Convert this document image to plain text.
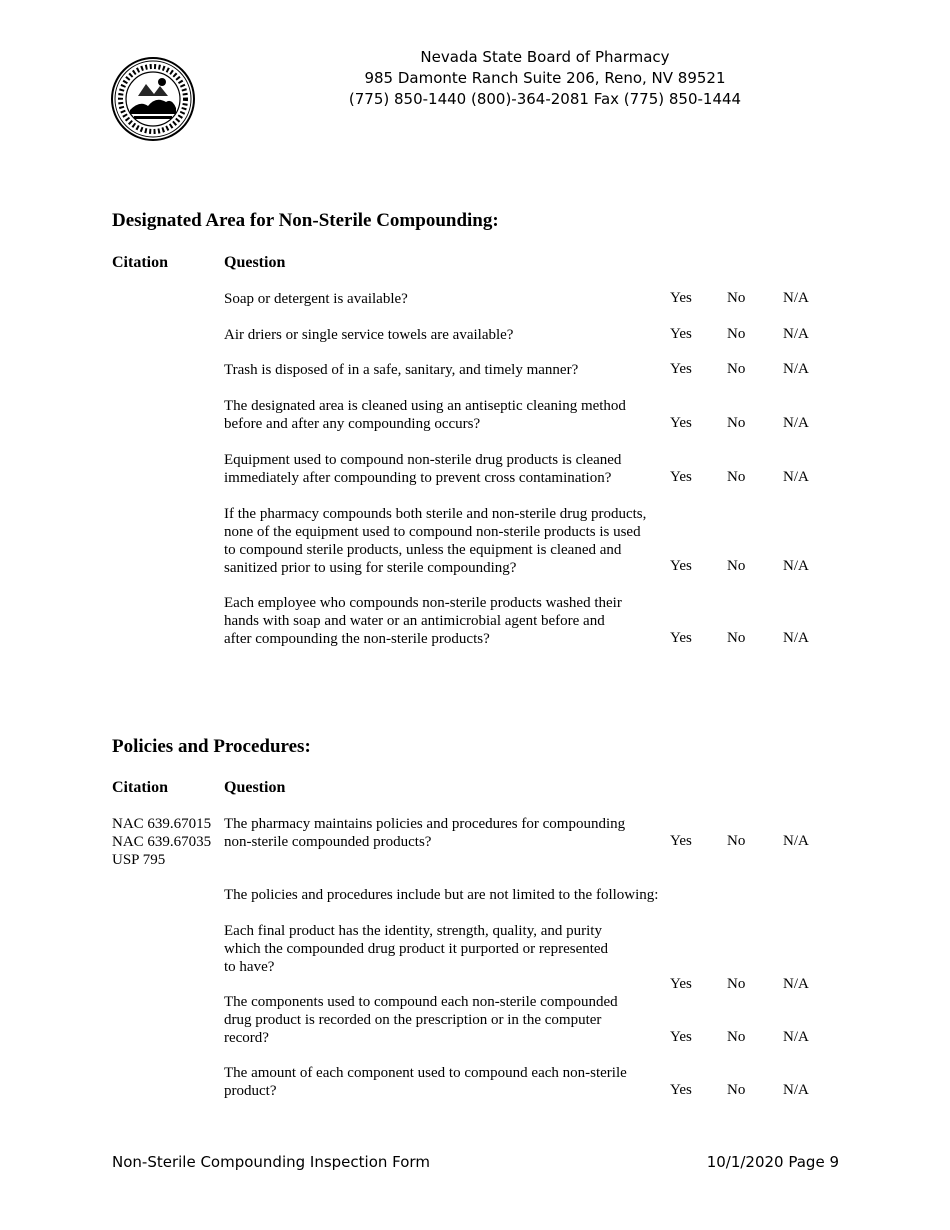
Nevada State Board of Pharmacy
985 Damonte Ranch Suite 206, Reno, NV 89521
(775) 850-1440 (800)-364-2081 Fax (775) 850-1444
Designated Area for Non-Sterile Compounding:
Citation	Question
Soap or detergent is available?	Yes No	N/A
Air driers or single service towels are available?	Yes No	N/A
Trash is disposed of in a safe, sanitary, and timely manner?	Yes No	N/A
The designated area is cleaned using an antiseptic cleaning method
before and after any compounding occurs?	Yes No	N/A
Equipment used to compound non-sterile drug products is cleaned
immediately after compounding to prevent cross contamination?	Yes No	N/A
If the pharmacy compounds both sterile and non-sterile drug products,
none of the equipment used to compound non-sterile products is used
to compound sterile products, unless the equipment is cleaned and
sanitized prior to using for sterile compounding?	Yes No	N/A
Each employee who compounds non-sterile products washed their
hands with soap and water or an antimicrobial agent before and
after compounding the non-sterile products?	Yes No	N/A
Policies and Procedures:
Citation	Question
NAC 639.67015
NAC 639.67035
USP 795
The pharmacy maintains policies and procedures for compounding
non-sterile compounded products?	Yes No	N/A
The policies and procedures include but are not limited to the following:
Each final product has the identity, strength, quality, and purity
which the compounded drug product it purported or represented
to have?
Yes No	N/A
The components used to compound each non-sterile compounded
drug product is recorded on the prescription or in the computer
record?	Yes No	N/A
The amount of each component used to compound each non-sterile
product?	Yes No	N/A
Non-Sterile Compounding Inspection Form	10/1/2020 Page 9
